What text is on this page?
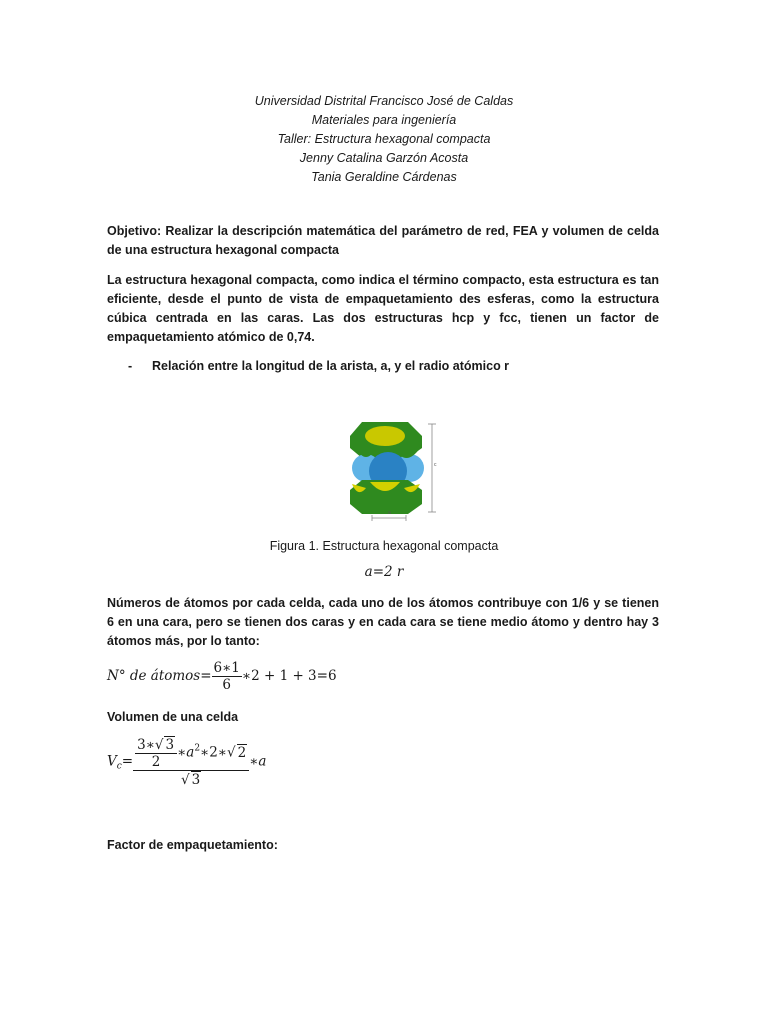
Universidad Distrital Francisco José de Caldas
Materiales para ingeniería
Taller: Estructura hexagonal compacta
Jenny Catalina Garzón Acosta
Tania Geraldine Cárdenas
Objetivo: Realizar la descripción matemática del parámetro de red, FEA y volumen de celda de una estructura hexagonal compacta
La estructura hexagonal compacta, como indica el término compacto, esta estructura es tan eficiente, desde el punto de vista de empaquetamiento des esferas, como la estructura cúbica centrada en las caras. Las dos estructuras hcp y fcc, tienen un factor de empaquetamiento atómico de 0,74.
- Relación entre la longitud de la arista, a, y el radio atómico r
c
a
Figura 1. Estructura hexagonal compacta
a=2 r
Números de átomos por cada celda, cada uno de los átomos contribuye con 1/6 y se tienen 6 en una cara, pero se tienen dos caras y en cada cara se tiene medio átomo y dentro hay 3 átomos más, por lo tanto:
N° de átomos= $\frac{6∗1}{6}$ ∗2 + 1 + 3=6
Volumen de una celda
$V_c= \frac{\frac{3∗√ 3}{2} ∗a^2∗2∗√ 2}{√ 3}$ ∗a
Factor de empaquetamiento:
